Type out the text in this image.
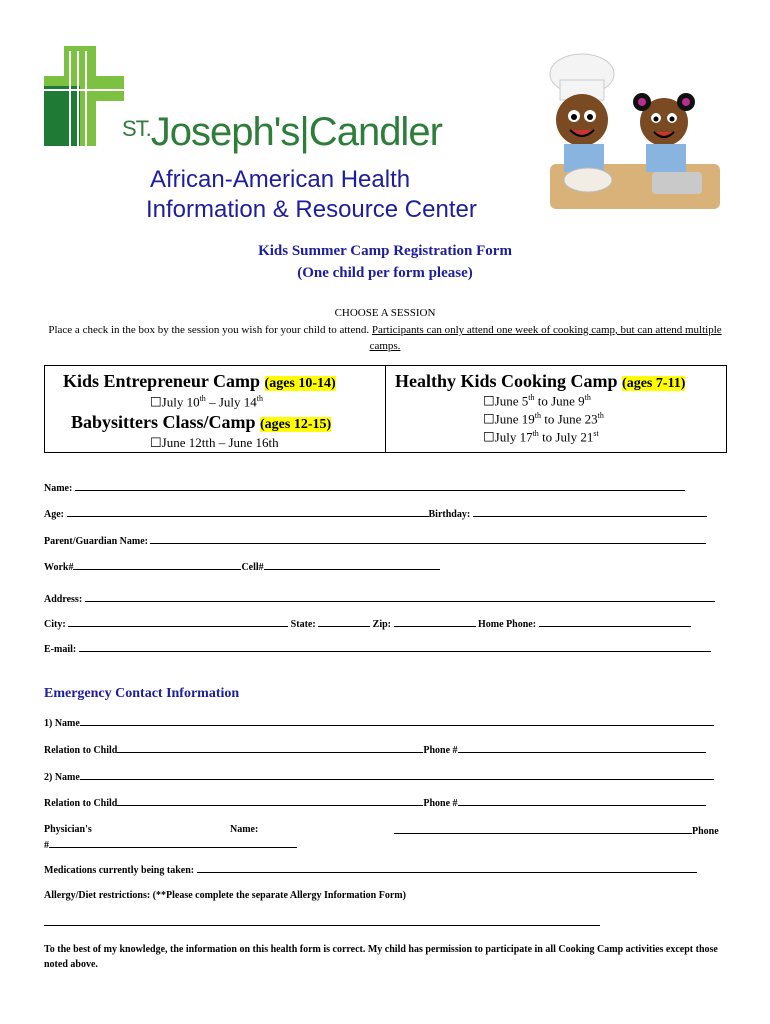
$^{ST.}$Joseph's|Candler
African-American Health
Information & Resource Center
Kids Summer Camp Registration Form
(One child per form please)
CHOOSE A SESSION
Place a check in the box by the session you wish for your child to attend. Participants can only attend one week of cooking camp, but can attend multiple camps.
Kids Entrepreneur Camp (ages 10-14)
☐July 10th – July 14th
Babysitters Class/Camp (ages 12-15)
☐June 12tth – June 16th
Healthy Kids Cooking Camp (ages 7-11)
☐June 5th to June 9th
☐June 19th to June 23th
☐July 17th to July 21st
Name:
Age:	Birthday:
Parent/Guardian Name:
Work#	Cell#
Address:
City:	State:	Zip:	Home Phone:
E-mail:
Emergency Contact Information
1) Name
Relation to Child	Phone #
2) Name
Relation to Child	Phone #
Physician's	Name:	Phone
#
Medications currently being taken:
Allergy/Diet restrictions: (**Please complete the separate Allergy Information Form)
To the best of my knowledge, the information on this health form is correct. My child has permission to participate in all Cooking Camp activities except those noted above.
